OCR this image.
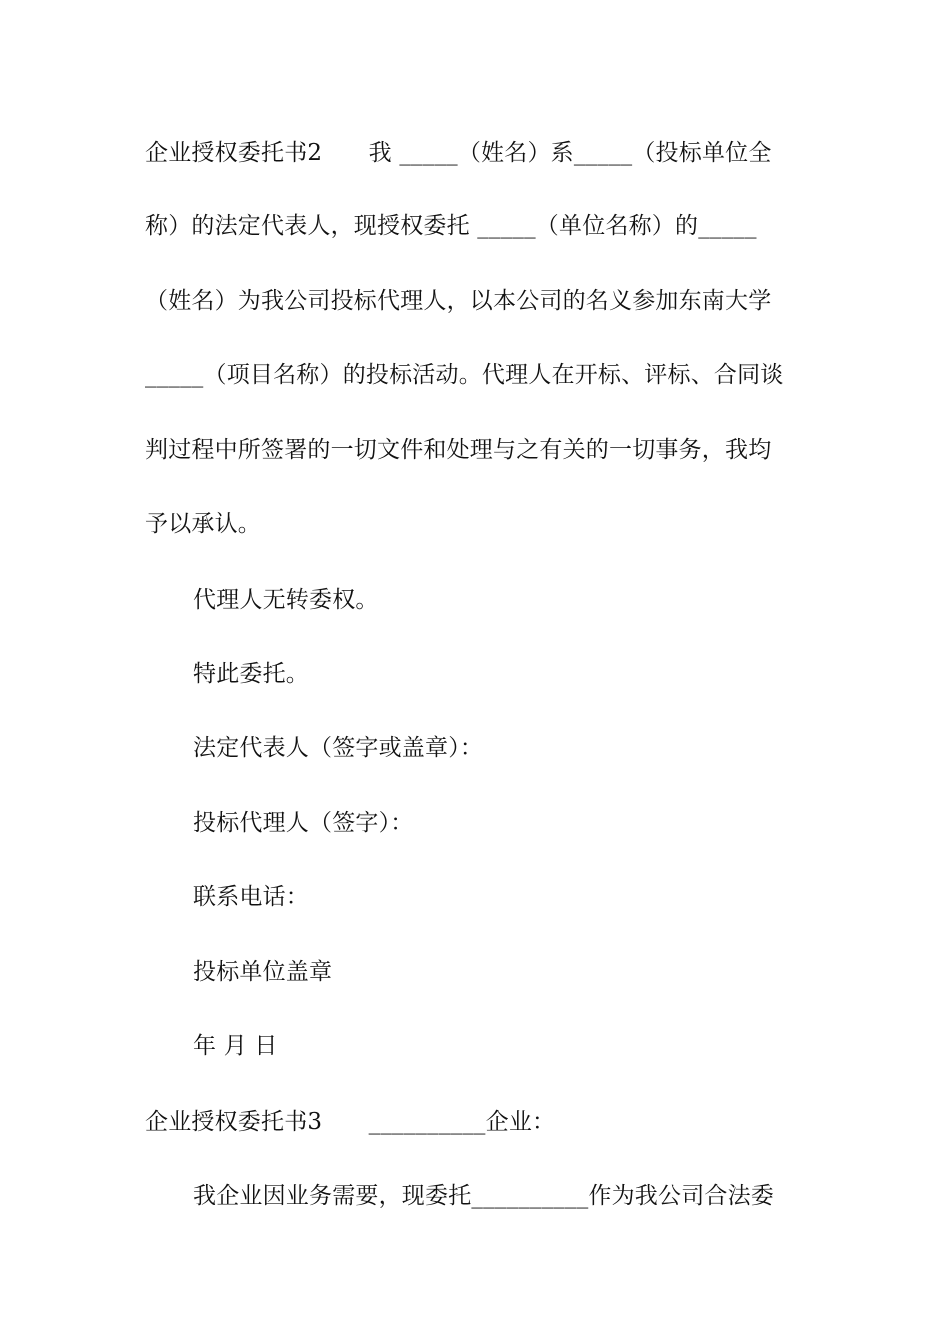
企业授权委托书2　　我 _____（姓名）系_____（投标单位全
称）的法定代表人，现授权委托 _____（单位名称）的_____
（姓名）为我公司投标代理人，以本公司的名义参加东南大学
_____（项目名称）的投标活动。代理人在开标、评标、合同谈
判过程中所签署的一切文件和处理与之有关的一切事务，我均
予以承认。
代理人无转委权。
特此委托。
法定代表人（签字或盖章）：
投标代理人（签字）：
联系电话：
投标单位盖章
年 月 日
企业授权委托书3　　__________企业：
我企业因业务需要，现委托__________作为我公司合法委
